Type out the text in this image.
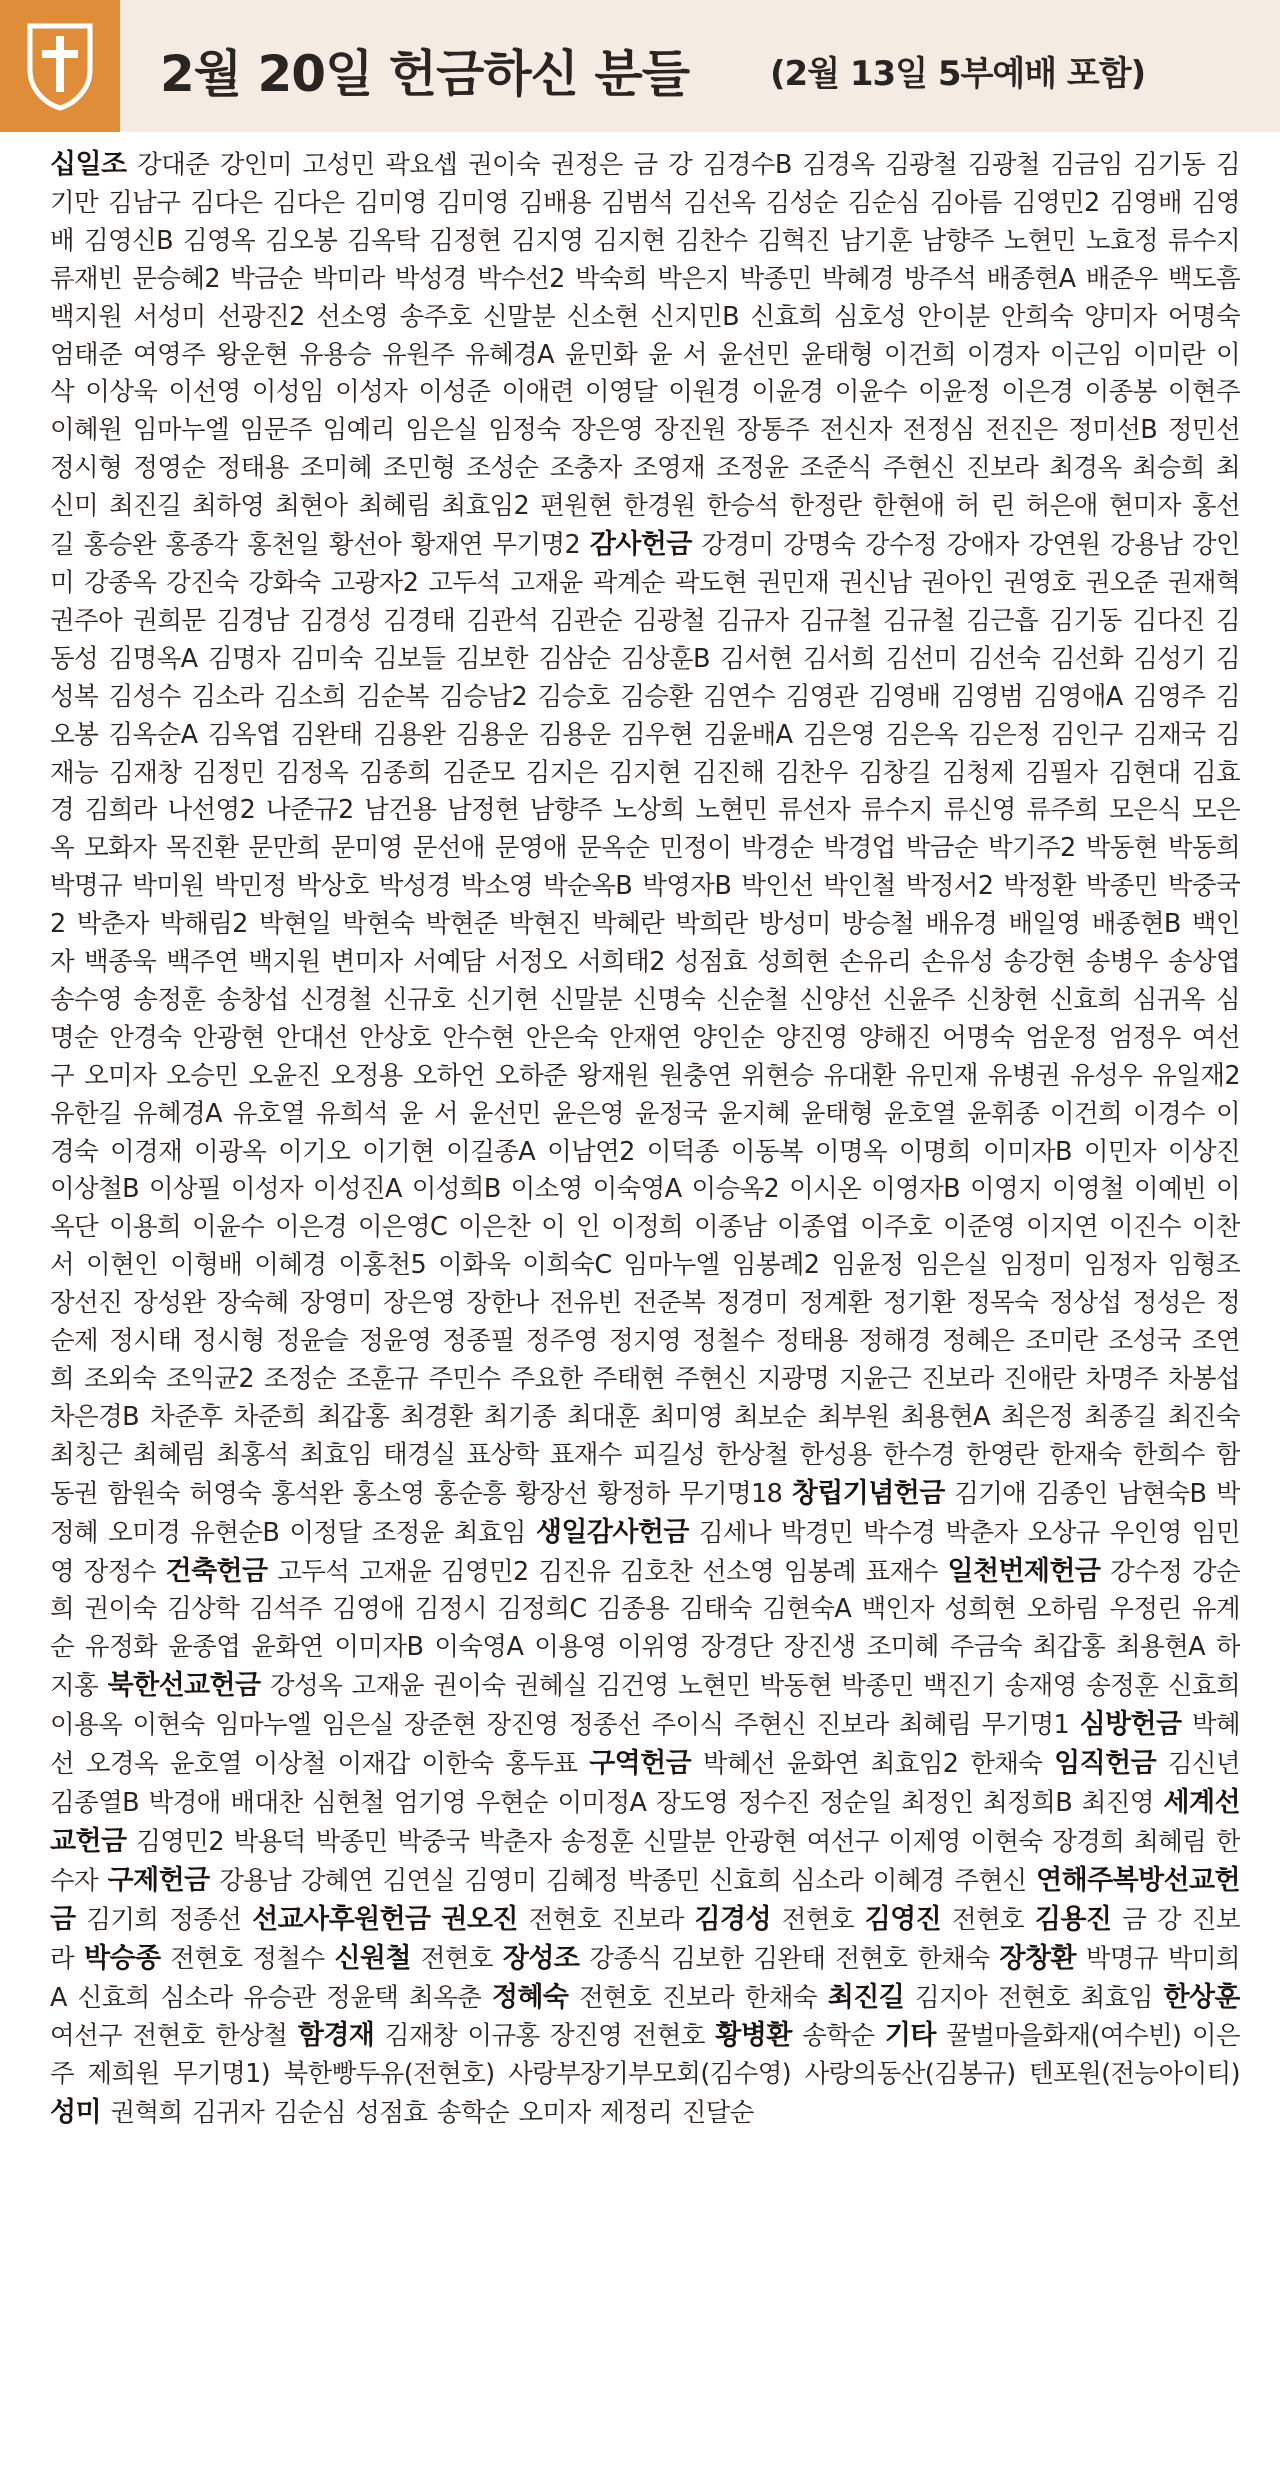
2월 20일 헌금하신 분들 (2월 13일 5부예배 포함)
십일조 강대준 강인미 고성민 곽요셉 권이숙 권정은 금 강 김경수B 김경옥 김광철 김광철 김금임 김기동 김기만 김남구 김다은 김다은 김미영 김미영 김배용 김범석 김선옥 김성순 김순심 김아름 김영민2 김영배 김영배 김영신B 김영옥 김오봉 김옥탁 김정현 김지영 김지현 김찬수 김혁진 남기훈 남향주 노현민 노효정 류수지 류재빈 문승혜2 박금순 박미라 박성경 박수선2 박숙희 박은지 박종민 박혜경 방주석 배종현A 배준우 백도흠 백지원 서성미 선광진2 선소영 송주호 신말분 신소현 신지민B 신효희 심호성 안이분 안희숙 양미자 어명숙 엄태준 여영주 왕운현 유용승 유원주 유혜경A 윤민화 윤 서 윤선민 윤태형 이건희 이경자 이근임 이미란 이 삭 이상욱 이선영 이성임 이성자 이성준 이애련 이영달 이원경 이윤경 이윤수 이윤정 이은경 이종봉 이현주 이혜원 임마누엘 임문주 임예리 임은실 임정숙 장은영 장진원 장통주 전신자 전정심 전진은 정미선B 정민선 정시형 정영순 정태용 조미혜 조민형 조성순 조충자 조영재 조정윤 조준식 주현신 진보라 최경옥 최승희 최신미 최진길 최하영 최현아 최혜림 최효임2 편원현 한경원 한승석 한정란 한현애 허 린 허은애 현미자 홍선길 홍승완 홍종각 홍천일 황선아 황재연 무기명2 감사헌금 강경미 강명숙 강수정 강애자 강연원 강용남 강인미 강종옥 강진숙 강화숙 고광자2 고두석 고재윤 곽계순 곽도현 권민재 권신남 권아인 권영호 권오준 권재혁 권주아 권희문 김경남 김경성 김경태 김관석 김관순 김광철 김규자 김규철 김규철 김근흡 김기동 김다진 김동성 김명옥A 김명자 김미숙 김보들 김보한 김삼순 김상훈B 김서현 김서희 김선미 김선숙 김선화 김성기 김성복 김성수 김소라 김소희 김순복 김승남2 김승호 김승환 김연수 김영관 김영배 김영범 김영애A 김영주 김오봉 김옥순A 김옥엽 김완태 김용완 김용운 김용운 김우현 김윤배A 김은영 김은옥 김은정 김인구 김재국 김재능 김재창 김정민 김정옥 김종희 김준모 김지은 김지현 김진해 김찬우 김창길 김청제 김필자 김현대 김효경 김희라 나선영2 나준규2 남건용 남정현 남향주 노상희 노현민 류선자 류수지 류신영 류주희 모은식 모은옥 모화자 목진환 문만희 문미영 문선애 문영애 문옥순 민정이 박경순 박경업 박금순 박기주2 박동현 박동희 박명규 박미원 박민정 박상호 박성경 박소영 박순옥B 박영자B 박인선 박인철 박정서2 박정환 박종민 박중국2 박춘자 박해림2 박현일 박현숙 박현준 박현진 박혜란 박희란 방성미 방승철 배유경 배일영 배종현B 백인자 백종욱 백주연 백지원 변미자 서예담 서정오 서희태2 성점효 성희현 손유리 손유성 송강현 송병우 송상엽 송수영 송정훈 송창섭 신경철 신규호 신기현 신말분 신명숙 신순철 신양선 신윤주 신창현 신효희 심귀옥 심명순 안경숙 안광현 안대선 안상호 안수현 안은숙 안재연 양인순 양진영 양해진 어명숙 엄운정 엄정우 여선구 오미자 오승민 오윤진 오정용 오하언 오하준 왕재원 원충연 위현승 유대환 유민재 유병권 유성우 유일재2 유한길 유혜경A 유호열 유희석 윤 서 윤선민 윤은영 윤정국 윤지혜 윤태형 윤호열 윤휘종 이건희 이경수 이경숙 이경재 이광옥 이기오 이기현 이길종A 이남연2 이덕종 이동복 이명옥 이명희 이미자B 이민자 이상진 이상철B 이상필 이성자 이성진A 이성희B 이소영 이숙영A 이승옥2 이시온 이영자B 이영지 이영철 이예빈 이옥단 이용희 이윤수 이은경 이은영C 이은찬 이 인 이정희 이종남 이종엽 이주호 이준영 이지연 이진수 이찬서 이현인 이형배 이혜경 이홍천5 이화욱 이희숙C 임마누엘 임봉례2 임윤정 임은실 임정미 임정자 임형조 장선진 장성완 장숙혜 장영미 장은영 장한나 전유빈 전준복 정경미 정계환 정기환 정목숙 정상섭 정성은 정순제 정시태 정시형 정윤슬 정윤영 정종필 정주영 정지영 정철수 정태용 정해경 정혜은 조미란 조성국 조연희 조외숙 조익균2 조정순 조훈규 주민수 주요한 주태현 주현신 지광명 지윤근 진보라 진애란 차명주 차봉섭 차은경B 차준후 차준희 최갑홍 최경환 최기종 최대훈 최미영 최보순 최부원 최용현A 최은정 최종길 최진숙 최칭근 최혜림 최홍석 최효임 태경실 표상학 표재수 피길성 한상철 한성용 한수경 한영란 한재숙 한희수 함동권 함원숙 허영숙 홍석완 홍소영 홍순흥 황장선 황정하 무기명18 창립기념헌금 김기애 김종인 남현숙B 박정혜 오미경 유현순B 이정달 조정윤 최효임 생일감사헌금 김세나 박경민 박수경 박춘자 오상규 우인영 임민영 장정수 건축헌금 고두석 고재윤 김영민2 김진유 김호찬 선소영 임봉례 표재수 일천번제헌금 강수정 강순희 권이숙 김상학 김석주 김영애 김정시 김정희C 김종용 김태숙 김현숙A 백인자 성희현 오하림 우정린 유계순 유정화 윤종엽 윤화연 이미자B 이숙영A 이용영 이위영 장경단 장진생 조미혜 주금숙 최갑홍 최용현A 하지홍 북한선교헌금 강성옥 고재윤 권이숙 권혜실 김건영 노현민 박동현 박종민 백진기 송재영 송정훈 신효희 이용옥 이현숙 임마누엘 임은실 장준현 장진영 정종선 주이식 주현신 진보라 최혜림 무기명1 심방헌금 박혜선 오경옥 윤호열 이상철 이재갑 이한숙 홍두표 구역헌금 박혜선 윤화연 최효임2 한채숙 임직헌금 김신년 김종열B 박경애 배대찬 심현철 엄기영 우현순 이미정A 장도영 정수진 정순일 최정인 최정희B 최진영 세계선교헌금 김영민2 박용덕 박종민 박중국 박춘자 송정훈 신말분 안광현 여선구 이제영 이현숙 장경희 최혜림 한수자 구제헌금 강용남 강혜연 김연실 김영미 김혜정 박종민 신효희 심소라 이혜경 주현신 연해주복방선교헌금 김기희 정종선 선교사후원헌금 권오진 전현호 진보라 김경성 전현호 김영진 전현호 김용진 금 강 진보라 박승종 전현호 정철수 신원철 전현호 장성조 강종식 김보한 김완태 전현호 한채숙 장창환 박명규 박미희A 신효희 심소라 유승관 정윤택 최옥춘 정혜숙 전현호 진보라 한채숙 최진길 김지아 전현호 최효임 한상훈 여선구 전현호 한상철 함경재 김재창 이규홍 장진영 전현호 황병환 송학순 기타 꿀벌마을화재(여수빈) 이은주 제희원 무기명1) 북한빵두유(전현호) 사랑부장기부모회(김수영) 사랑의동산(김봉규) 텐포원(전능아이티) 성미 권혁희 김귀자 김순심 성점효 송학순 오미자 제정리 진달순
